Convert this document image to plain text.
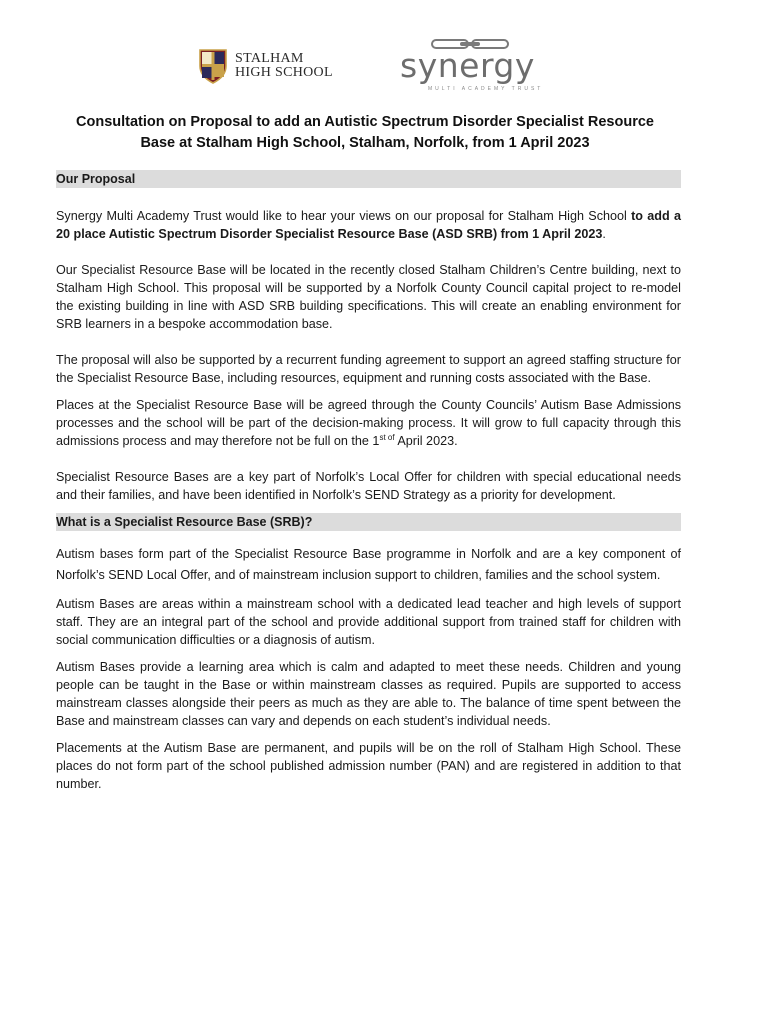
STALHAM
HIGH SCHOOL synergy
MULTI ACADEMY TRUST
Consultation on Proposal to add an Autistic Spectrum Disorder Specialist Resource
Base at Stalham High School, Stalham, Norfolk, from 1 April 2023
Our Proposal

Synergy Multi Academy Trust would like to hear your views on our proposal for Stalham High School to add a 20 place Autistic Spectrum Disorder Specialist Resource Base (ASD SRB) from 1 April 2023.

Our Specialist Resource Base will be located in the recently closed Stalham Children’s Centre building, next to Stalham High School. This proposal will be supported by a Norfolk County Council capital project to re-model the existing building in line with ASD SRB building specifications. This will create an enabling environment for SRB learners in a bespoke accommodation base.

The proposal will also be supported by a recurrent funding agreement to support an agreed staffing structure for the Specialist Resource Base, including resources, equipment and running costs associated with the Base.

Places at the Specialist Resource Base will be agreed through the County Councils’ Autism Base Admissions processes and the school will be part of the decision-making process. It will grow to full capacity through this admissions process and may therefore not be full on the $1^{st of}$ April 2023.

Specialist Resource Bases are a key part of Norfolk’s Local Offer for children with special educational needs and their families, and have been identified in Norfolk’s SEND Strategy as a priority for development.

What is a Specialist Resource Base (SRB)?

Autism bases form part of the Specialist Resource Base programme in Norfolk and are a key component of Norfolk’s SEND Local Offer, and of mainstream inclusion support to children, families and the school system.

Autism Bases are areas within a mainstream school with a dedicated lead teacher and high levels of support staff. They are an integral part of the school and provide additional support from trained staff for children with social communication difficulties or a diagnosis of autism.

Autism Bases provide a learning area which is calm and adapted to meet these needs. Children and young people can be taught in the Base or within mainstream classes as required. Pupils are supported to access mainstream classes alongside their peers as much as they are able to. The balance of time spent between the Base and mainstream classes can vary and depends on each student’s individual needs.

Placements at the Autism Base are permanent, and pupils will be on the roll of Stalham High School. These places do not form part of the school published admission number (PAN) and are registered in addition to that number.
